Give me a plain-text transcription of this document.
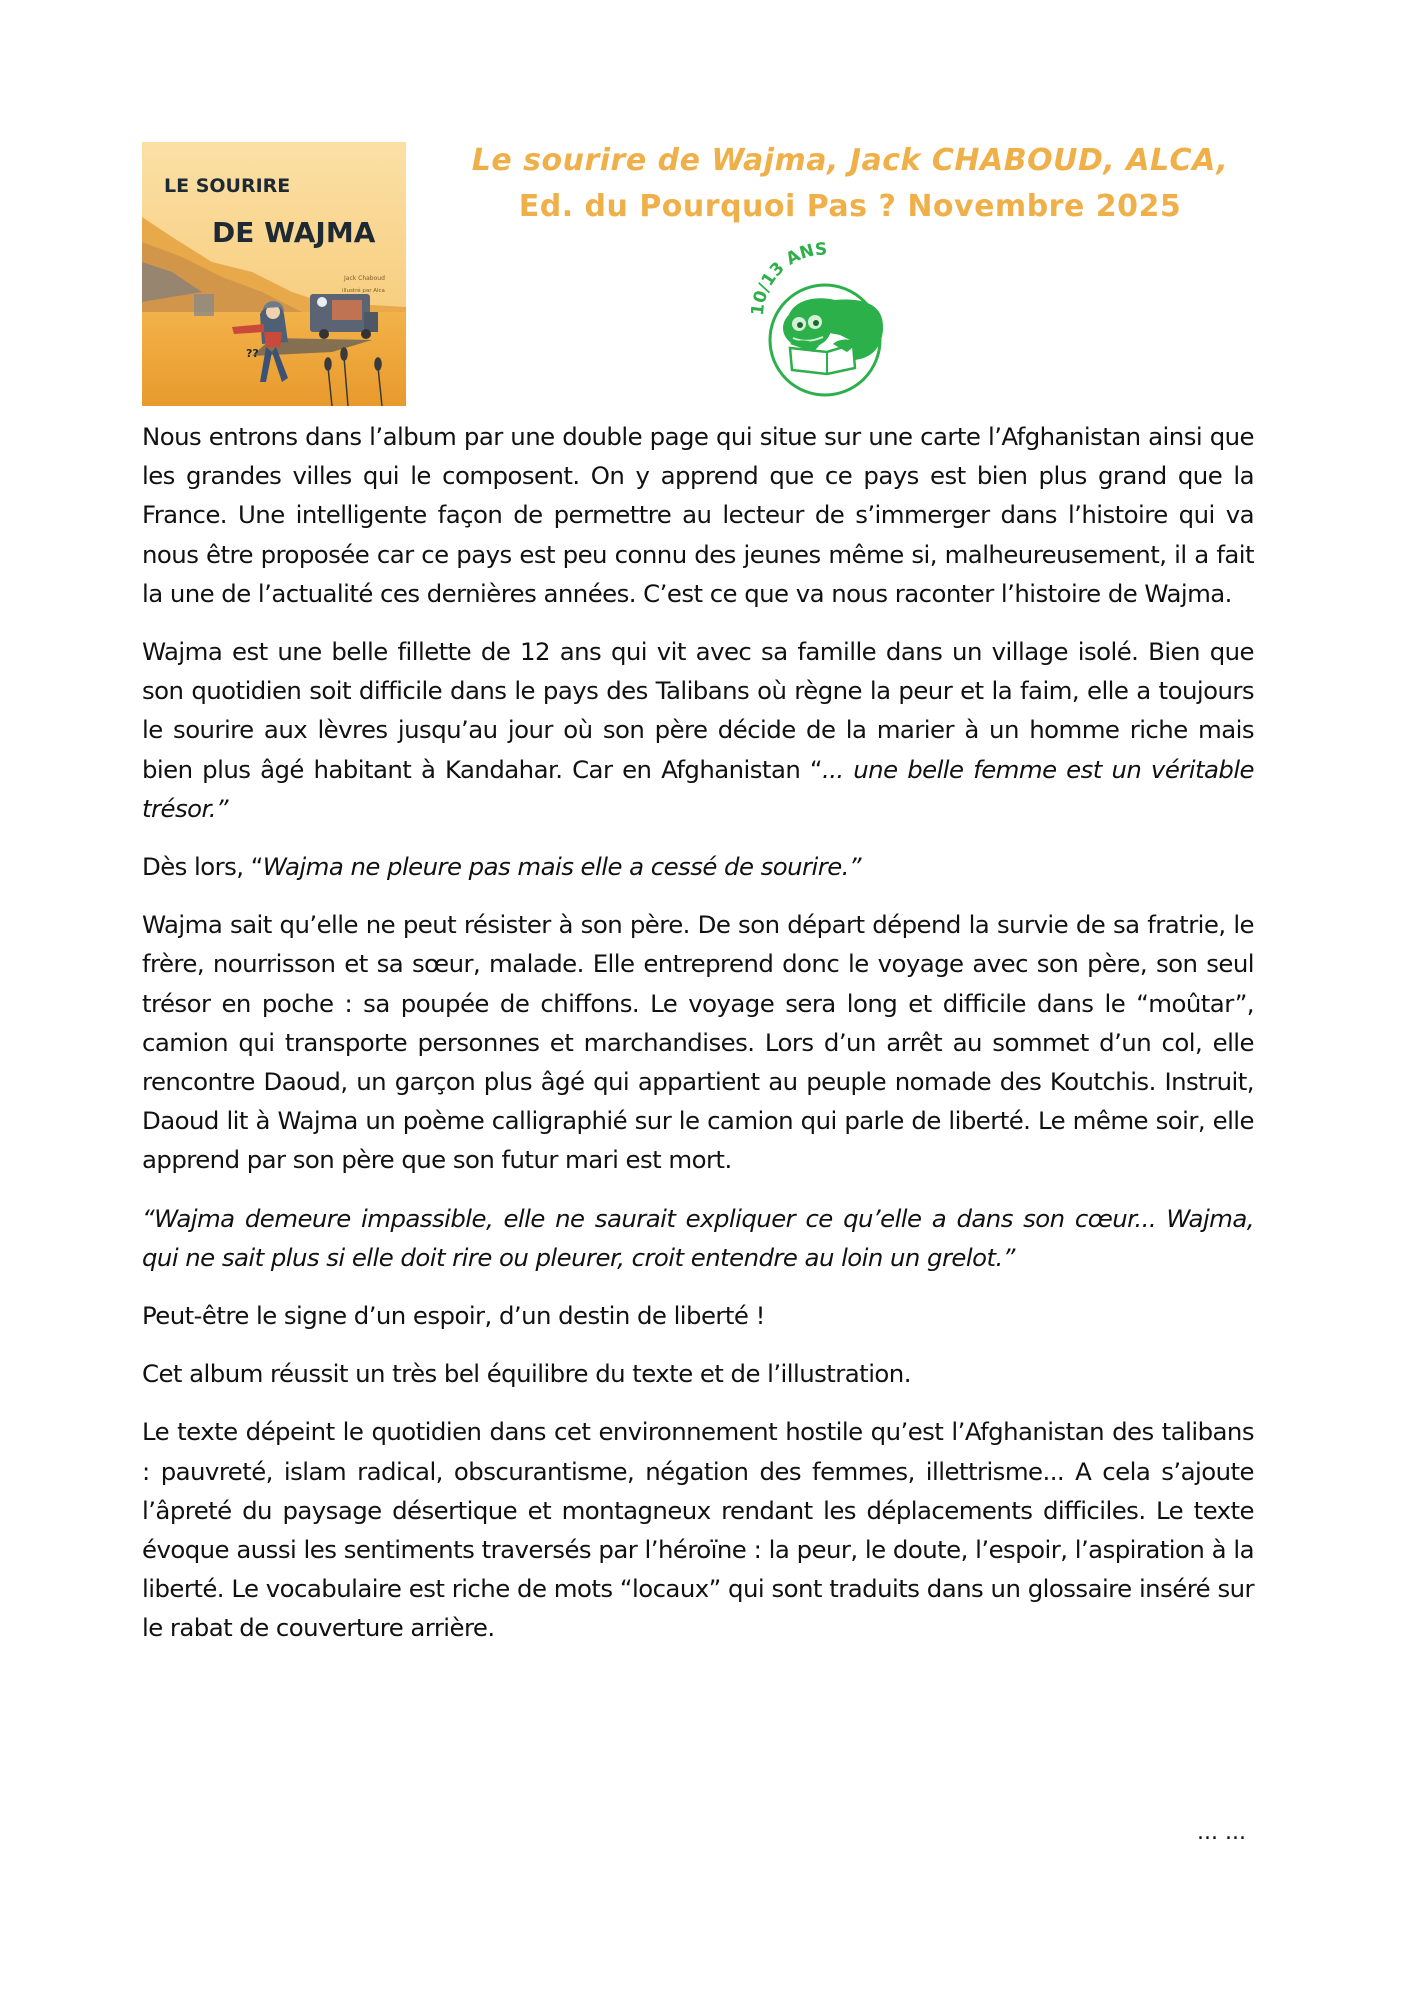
LE SOURIRE
DE WAJMA
Jack Chaboud
illustré par Alca
??
Le sourire de Wajma, Jack CHABOUD, ALCA,
Ed. du Pourquoi Pas ? Novembre 2025
10/13 ANS

Nous entrons dans l’album par une double page qui situe sur une carte l’Afghanistan ainsi que les grandes villes qui le composent. On y apprend que ce pays est bien plus grand que la France. Une intelligente façon de permettre au lecteur de s’immerger dans l’histoire qui va nous être proposée car ce pays est peu connu des jeunes même si, malheureusement, il a fait la une de l’actualité ces dernières années. C’est ce que va nous raconter l’histoire de Wajma.

Wajma est une belle fillette de 12 ans qui vit avec sa famille dans un village isolé. Bien que son quotidien soit difficile dans le pays des Talibans où règne la peur et la faim, elle a toujours le sourire aux lèvres jusqu’au jour où son père décide de la marier à un homme riche mais bien plus âgé habitant à Kandahar. Car en Afghanistan “... une belle femme est un véritable trésor.”

Dès lors, “Wajma ne pleure pas mais elle a cessé de sourire.”

Wajma sait qu’elle ne peut résister à son père. De son départ dépend la survie de sa fratrie, le frère, nourrisson et sa sœur, malade. Elle entreprend donc le voyage avec son père, son seul trésor en poche : sa poupée de chiffons. Le voyage sera long et difficile dans le “moûtar”, camion qui transporte personnes et marchandises. Lors d’un arrêt au sommet d’un col, elle rencontre Daoud, un garçon plus âgé qui appartient au peuple nomade des Koutchis. Instruit, Daoud lit à Wajma un poème calligraphié sur le camion qui parle de liberté. Le même soir, elle apprend par son père que son futur mari est mort.

“Wajma demeure impassible, elle ne saurait expliquer ce qu’elle a dans son cœur... Wajma, qui ne sait plus si elle doit rire ou pleurer, croit entendre au loin un grelot.”

Peut-être le signe d’un espoir, d’un destin de liberté !

Cet album réussit un très bel équilibre du texte et de l’illustration.

Le texte dépeint le quotidien dans cet environnement hostile qu’est l’Afghanistan des talibans : pauvreté, islam radical, obscurantisme, négation des femmes, illettrisme... A cela s’ajoute l’âpreté du paysage désertique et montagneux rendant les déplacements difficiles. Le texte évoque aussi les sentiments traversés par l’héroïne : la peur, le doute, l’espoir, l’aspiration à la liberté. Le vocabulaire est riche de mots “locaux” qui sont traduits dans un glossaire inséré sur le rabat de couverture arrière.

... ...
